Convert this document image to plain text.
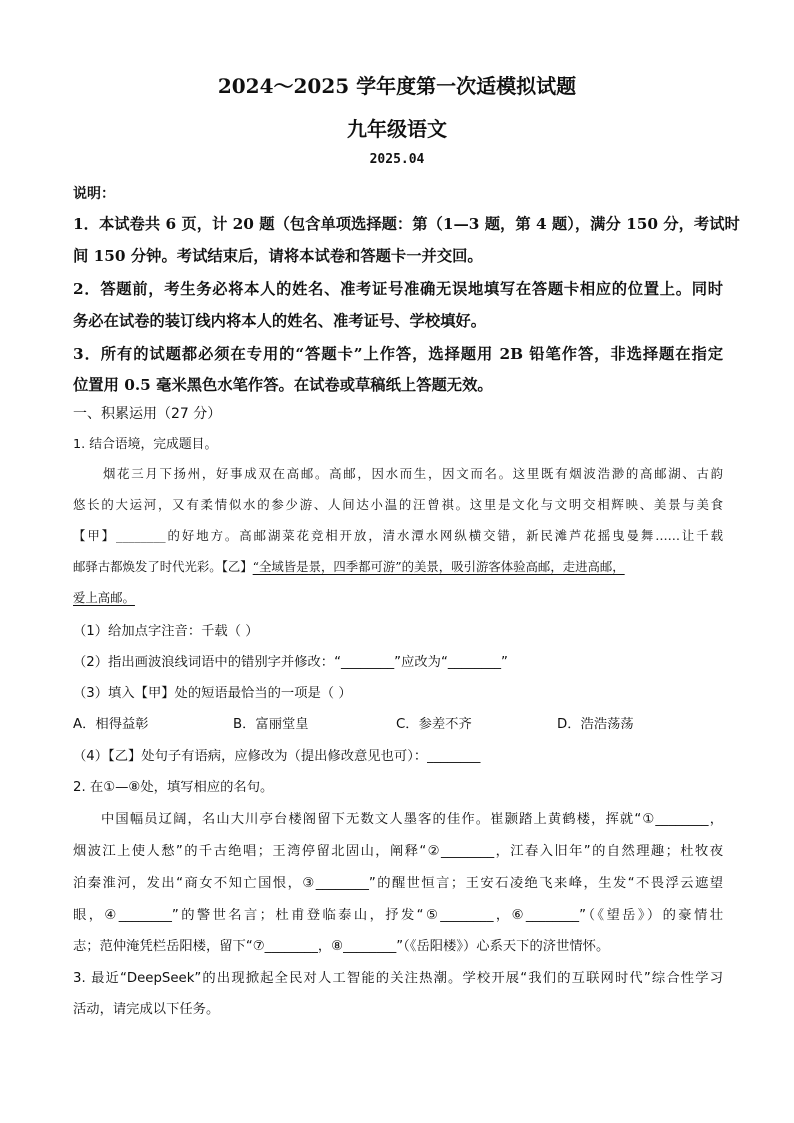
2024～2025 学年度第一次适模拟试题
九年级语文
2025.04
说明：
1．本试卷共 6 页，计 20 题（包含单项选择题：第（1—3 题，第 4 题），满分 150 分，考试时
间 150 分钟。考试结束后，请将本试卷和答题卡一并交回。
2．答题前，考生务必将本人的姓名、准考证号准确无误地填写在答题卡相应的位置上。同时
务必在试卷的装订线内将本人的姓名、准考证号、学校填好。
3．所有的试题都必须在专用的“答题卡”上作答，选择题用 2B 铅笔作答，非选择题在指定
位置用 0.5 毫米黑色水笔作答。在试卷或草稿纸上答题无效。
一、积累运用（27 分）
1. 结合语境，完成题目。
烟花三月下扬州，好事成双在高邮。高邮，因水而生，因文而名。这里既有烟波浩渺的高邮湖、古韵
悠长的大运河，又有柔情似水的参少游、人间达小温的汪曾祺。这里是文化与文明交相辉映、美景与美食
【甲】________的好地方。高邮湖菜花竞相开放，清水潭水网纵横交错，新民滩芦花摇曳曼舞……让千载
邮驿古都焕发了时代光彩。【乙】“全域皆是景，四季都可游”的美景，吸引游客体验高邮，走进高邮，
爱上高邮。
（1）给加点字注音：千载（ ）
（2）指出画波浪线词语中的错别字并修改：“________”应改为“________”
（3）填入【甲】处的短语最恰当的一项是（ ）
A．相得益彰	B．富丽堂皇	C．参差不齐	D．浩浩荡荡
（4）【乙】处句子有语病，应修改为（提出修改意见也可）：________
2. 在①—⑧处，填写相应的名句。
中国幅员辽阔，名山大川亭台楼阁留下无数文人墨客的佳作。崔颢踏上黄鹤楼，挥就“①________，
烟波江上使人愁”的千古绝唱；王湾停留北固山，阐释“②________，江春入旧年”的自然理趣；杜牧夜
泊秦淮河，发出“商女不知亡国恨，③________”的醒世恒言；王安石凌绝飞来峰，生发“不畏浮云遮望
眼，④________”的警世名言；杜甫登临泰山，抒发“⑤________，⑥________”（《望岳》）的豪情壮
志；范仲淹凭栏岳阳楼，留下“⑦________，⑧________”（《岳阳楼》）心系天下的济世情怀。
3. 最近“DeepSeek”的出现掀起全民对人工智能的关注热潮。学校开展“我们的互联网时代”综合性学习
活动，请完成以下任务。
